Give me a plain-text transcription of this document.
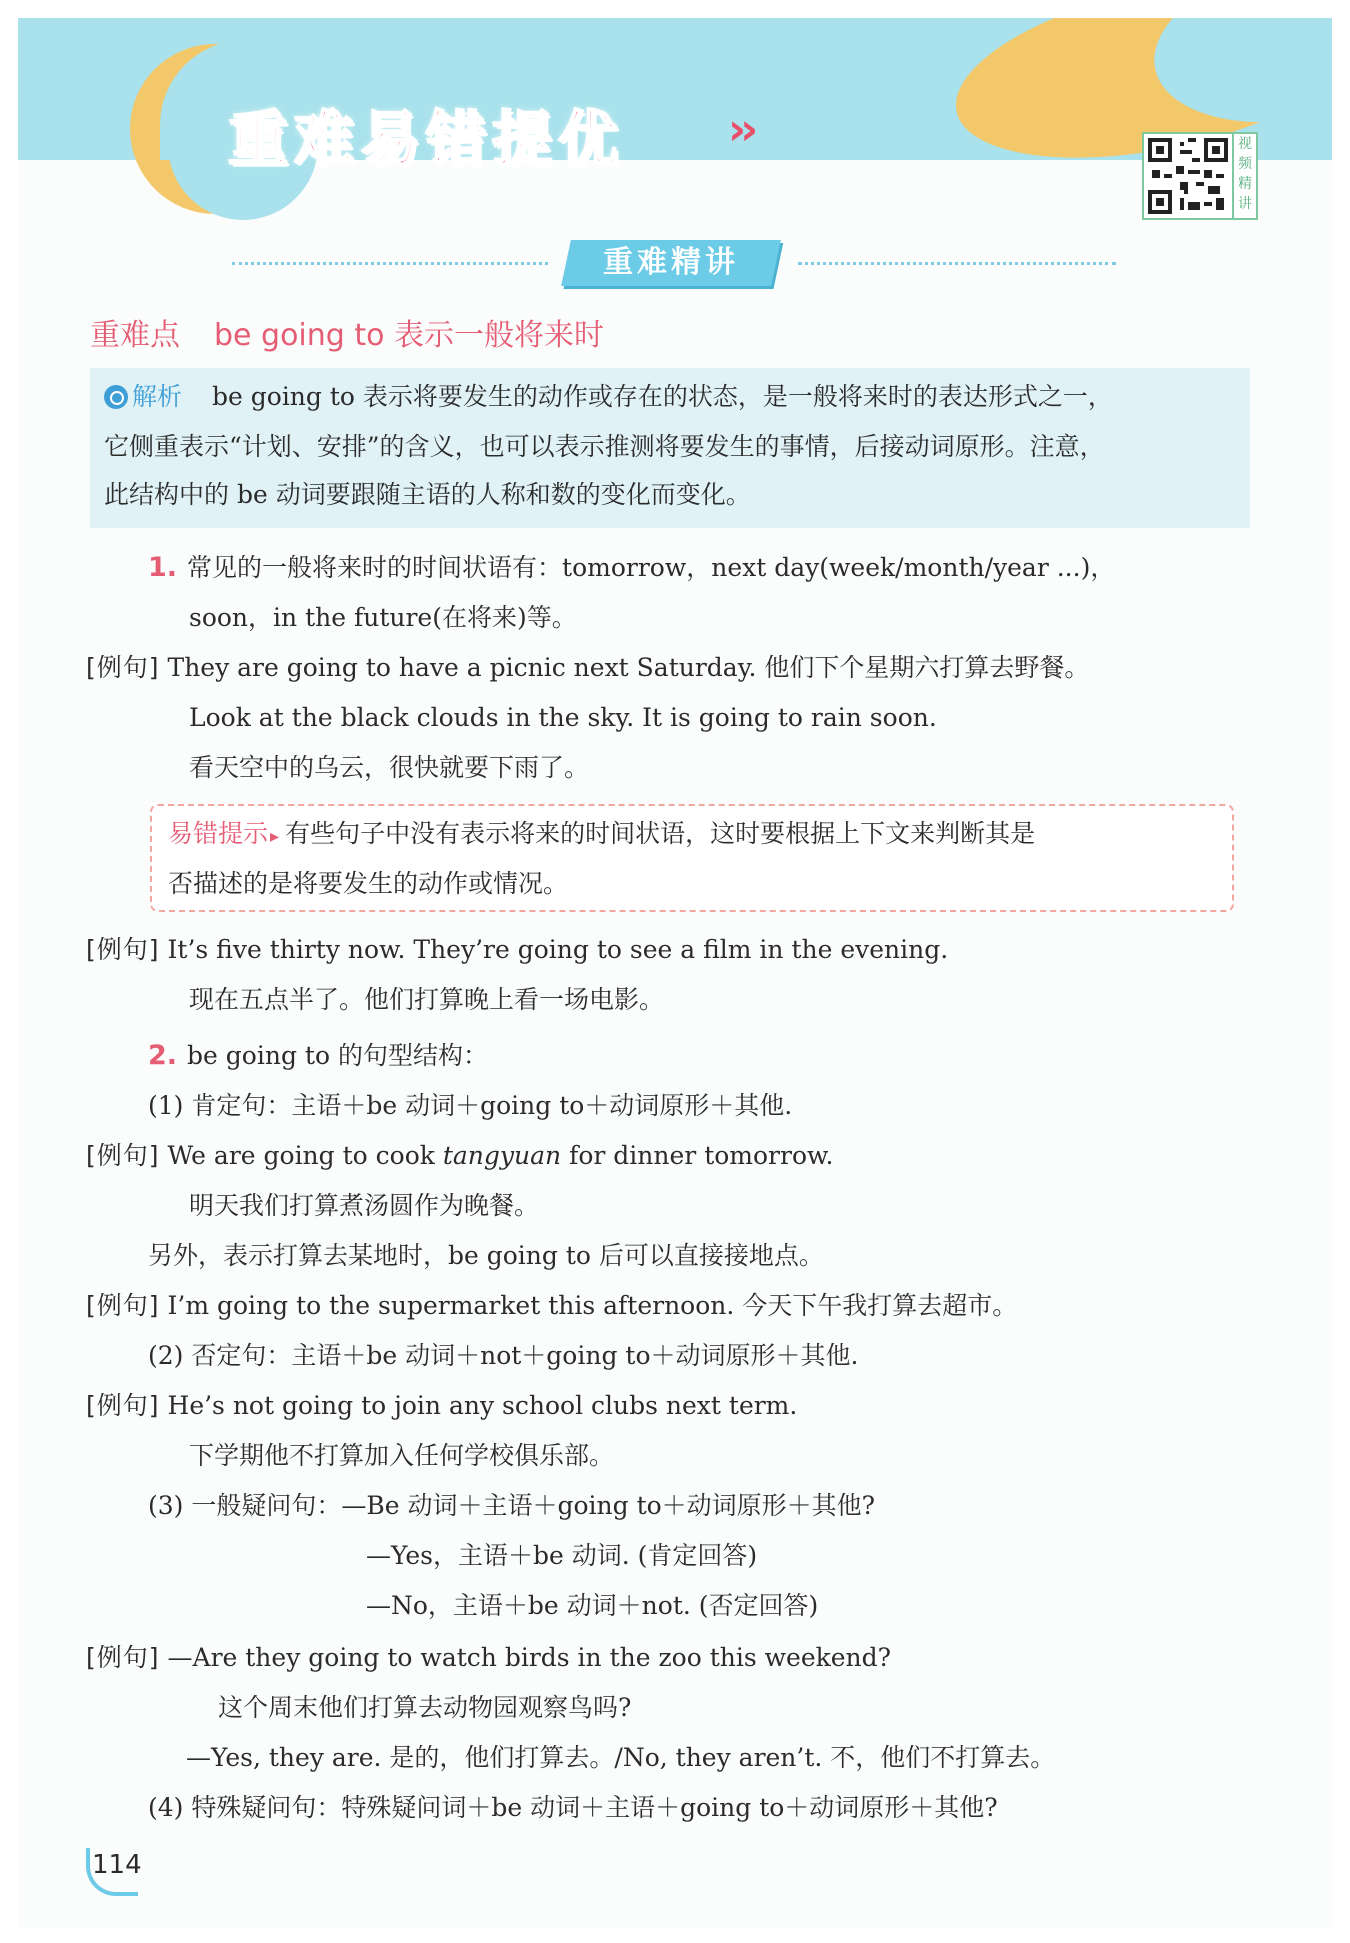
重难易错提优 ››	视频精讲
重难精讲
重难点 be going to 表示一般将来时
解析 be going to 表示将要发生的动作或存在的状态，是一般将来时的表达形式之一，
它侧重表示“计划、安排”的含义，也可以表示推测将要发生的事情，后接动词原形。注意，
此结构中的 be 动词要跟随主语的人称和数的变化而变化。
1. 常见的一般将来时的时间状语有：tomorrow，next day(week/month/year ...)，
soon，in the future(在将来)等。
[例句] They are going to have a picnic next Saturday. 他们下个星期六打算去野餐。
Look at the black clouds in the sky. It is going to rain soon.
看天空中的乌云，很快就要下雨了。
易错提示 ▸ 有些句子中没有表示将来的时间状语，这时要根据上下文来判断其是
否描述的是将要发生的动作或情况。
[例句] It’s five thirty now. They’re going to see a film in the evening.
现在五点半了。他们打算晚上看一场电影。
2. be going to 的句型结构：
(1) 肯定句：主语＋be 动词＋going to＋动词原形＋其他.
[例句] We are going to cook tangyuan for dinner tomorrow.
明天我们打算煮汤圆作为晚餐。
另外，表示打算去某地时，be going to 后可以直接接地点。
[例句] I’m going to the supermarket this afternoon. 今天下午我打算去超市。
(2) 否定句：主语＋be 动词＋not＋going to＋动词原形＋其他.
[例句] He’s not going to join any school clubs next term.
下学期他不打算加入任何学校俱乐部。
(3) 一般疑问句：—Be 动词＋主语＋going to＋动词原形＋其他?
—Yes，主语＋be 动词. (肯定回答)
—No，主语＋be 动词＋not. (否定回答)
[例句] —Are they going to watch birds in the zoo this weekend?
这个周末他们打算去动物园观察鸟吗?
—Yes, they are. 是的，他们打算去。/No, they aren’t. 不，他们不打算去。
(4) 特殊疑问句：特殊疑问词＋be 动词＋主语＋going to＋动词原形＋其他?
114
